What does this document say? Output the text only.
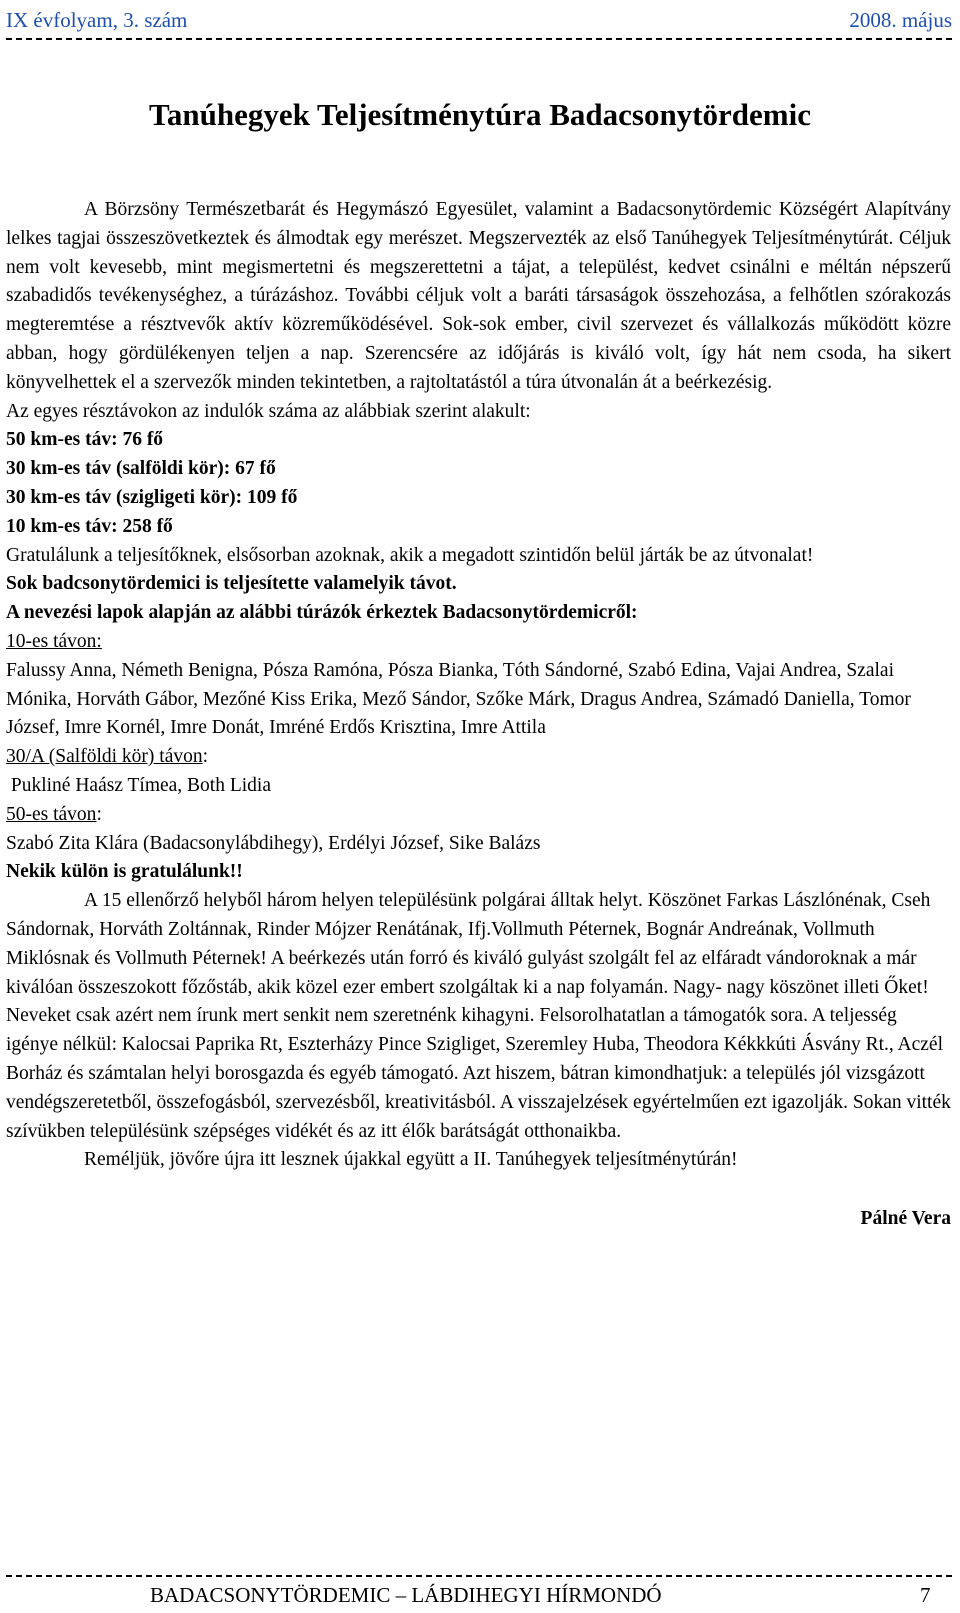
IX évfolyam, 3. szám	2008. május
Tanúhegyek Teljesítménytúra Badacsonytördemic

A Börzsöny Természetbarát és Hegymászó Egyesület, valamint a Badacsonytördemic Községért Alapítvány lelkes tagjai összeszövetkeztek és álmodtak egy merészet. Megszervezték az első Tanúhegyek Teljesítménytúrát. Céljuk nem volt kevesebb, mint megismertetni és megszerettetni a tájat, a települést, kedvet csinálni e méltán népszerű szabadidős tevékenységhez, a túrázáshoz. További céljuk volt a baráti társaságok összehozása, a felhőtlen szórakozás megteremtése a résztvevők aktív közreműködésével. Sok-sok ember, civil szervezet és vállalkozás működött közre abban, hogy gördülékenyen teljen a nap. Szerencsére az időjárás is kiváló volt, így hát nem csoda, ha sikert könyvelhettek el a szervezők minden tekintetben, a rajtoltatástól a túra útvonalán át a beérkezésig.

Az egyes résztávokon az indulók száma az alábbiak szerint alakult:

50 km-es táv: 76 fő

30 km-es táv (salföldi kör): 67 fő

30 km-es táv (szigligeti kör): 109 fő

10 km-es táv: 258 fő

Gratulálunk a teljesítőknek, elsősorban azoknak, akik a megadott szintidőn belül járták be az útvonalat!

Sok badcsonytördemici is teljesítette valamelyik távot.

A nevezési lapok alapján az alábbi túrázók érkeztek Badacsonytördemicről:

10-es távon:

Falussy Anna, Németh Benigna, Pósza Ramóna, Pósza Bianka, Tóth Sándorné, Szabó Edina, Vajai Andrea, Szalai Mónika, Horváth Gábor, Mezőné Kiss Erika, Mező Sándor, Szőke Márk, Dragus Andrea, Számadó Daniella, Tomor József, Imre Kornél, Imre Donát, Imréné Erdős Krisztina, Imre Attila

30/A (Salföldi kör) távon:

Pukliné Haász Tímea, Both Lidia

50-es távon:

Szabó Zita Klára (Badacsonylábdihegy), Erdélyi József, Sike Balázs

Nekik külön is gratulálunk!!

A 15 ellenőrző helyből három helyen településünk polgárai álltak helyt. Köszönet Farkas Lászlónénak, Cseh Sándornak, Horváth Zoltánnak, Rinder Mójzer Renátának, Ifj.Vollmuth Péternek, Bognár Andreának, Vollmuth Miklósnak és Vollmuth Péternek! A beérkezés után forró és kiváló gulyást szolgált fel az elfáradt vándoroknak a már kiválóan összeszokott főzőstáb, akik közel ezer embert szolgáltak ki a nap folyamán. Nagy- nagy köszönet illeti Őket! Neveket csak azért nem írunk mert senkit nem szeretnénk kihagyni. Felsorolhatatlan a támogatók sora. A teljesség igénye nélkül: Kalocsai Paprika Rt, Eszterházy Pince Szigliget, Szeremley Huba, Theodora Kékkkúti Ásvány Rt., Aczél Borház és számtalan helyi borosgazda és egyéb támogató. Azt hiszem, bátran kimondhatjuk: a település jól vizsgázott vendégszeretetből, összefogásból, szervezésből, kreativitásból. A visszajelzések egyértelműen ezt igazolják. Sokan vitték szívükben településünk szépséges vidékét és az itt élők barátságát otthonaikba.

Reméljük, jövőre újra itt lesznek újakkal együtt a II. Tanúhegyek teljesítménytúrán!

Pálné Vera

BADACSONYTÖRDEMIC – LÁBDIHEGYI HÍRMONDÓ	7
